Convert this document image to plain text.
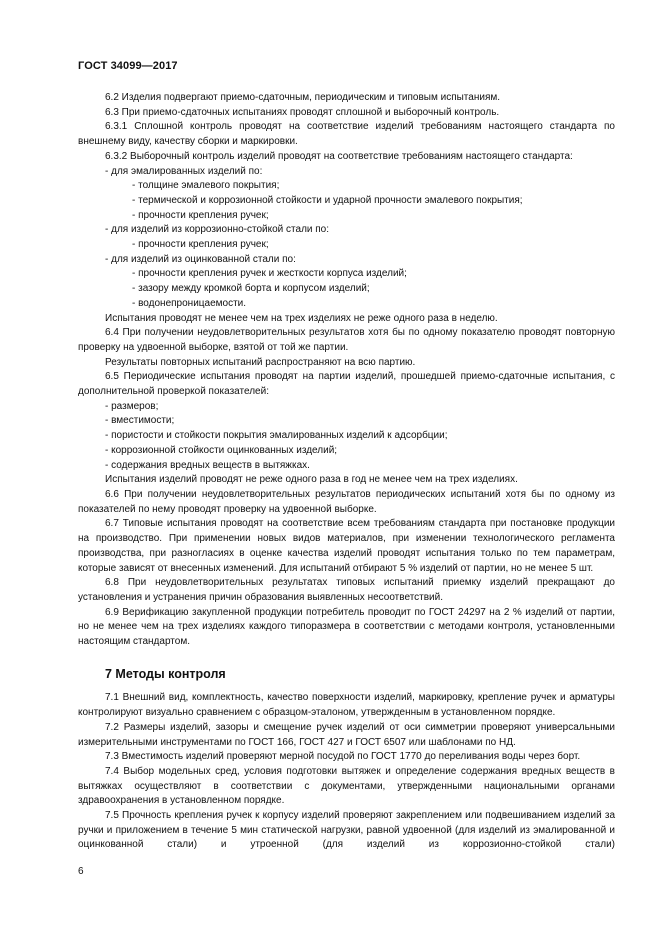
ГОСТ 34099—2017
6.2 Изделия подвергают приемо-сдаточным, периодическим и типовым испытаниям.
6.3 При приемо-сдаточных испытаниях проводят сплошной и выборочный контроль.
6.3.1 Сплошной контроль проводят на соответствие изделий требованиям настоящего стандарта по внешнему виду, качеству сборки и маркировки.
6.3.2 Выборочный контроль изделий проводят на соответствие требованиям настоящего стандарта:
- для эмалированных изделий по:
- толщине эмалевого покрытия;
- термической и коррозионной стойкости и ударной прочности эмалевого покрытия;
- прочности крепления ручек;
- для изделий из коррозионно-стойкой стали по:
- прочности крепления ручек;
- для изделий из оцинкованной стали по:
- прочности крепления ручек и жесткости корпуса изделий;
- зазору между кромкой борта и корпусом изделий;
- водонепроницаемости.
Испытания проводят не менее чем на трех изделиях не реже одного раза в неделю.
6.4 При получении неудовлетворительных результатов хотя бы по одному показателю проводят повторную проверку на удвоенной выборке, взятой от той же партии.
Результаты повторных испытаний распространяют на всю партию.
6.5 Периодические испытания проводят на партии изделий, прошедшей приемо-сдаточные испытания, с дополнительной проверкой показателей:
- размеров;
- вместимости;
- пористости и стойкости покрытия эмалированных изделий к адсорбции;
- коррозионной стойкости оцинкованных изделий;
- содержания вредных веществ в вытяжках.
Испытания изделий проводят не реже одного раза в год не менее чем на трех изделиях.
6.6 При получении неудовлетворительных результатов периодических испытаний хотя бы по одному из показателей по нему проводят проверку на удвоенной выборке.
6.7 Типовые испытания проводят на соответствие всем требованиям стандарта при постановке продукции на производство. При применении новых видов материалов, при изменении технологического регламента производства, при разногласиях в оценке качества изделий проводят испытания только по тем параметрам, которые зависят от внесенных изменений. Для испытаний отбирают 5 % изделий от партии, но не менее 5 шт.
6.8 При неудовлетворительных результатах типовых испытаний приемку изделий прекращают до установления и устранения причин образования выявленных несоответствий.
6.9 Верификацию закупленной продукции потребитель проводит по ГОСТ 24297 на 2 % изделий от партии, но не менее чем на трех изделиях каждого типоразмера в соответствии с методами контроля, установленными настоящим стандартом.
7 Методы контроля
7.1 Внешний вид, комплектность, качество поверхности изделий, маркировку, крепление ручек и арматуры контролируют визуально сравнением с образцом-эталоном, утвержденным в установленном порядке.
7.2 Размеры изделий, зазоры и смещение ручек изделий от оси симметрии проверяют универсальными измерительными инструментами по ГОСТ 166, ГОСТ 427 и ГОСТ 6507 или шаблонами по НД.
7.3 Вместимость изделий проверяют мерной посудой по ГОСТ 1770 до переливания воды через борт.
7.4 Выбор модельных сред, условия подготовки вытяжек и определение содержания вредных веществ в вытяжках осуществляют в соответствии с документами, утвержденными национальными органами здравоохранения в установленном порядке.
7.5 Прочность крепления ручек к корпусу изделий проверяют закреплением или подвешиванием изделий за ручки и приложением в течение 5 мин статической нагрузки, равной удвоенной (для изделий из эмалированной и оцинкованной стали) и утроенной (для изделий из коррозионно-стойкой стали)
6
